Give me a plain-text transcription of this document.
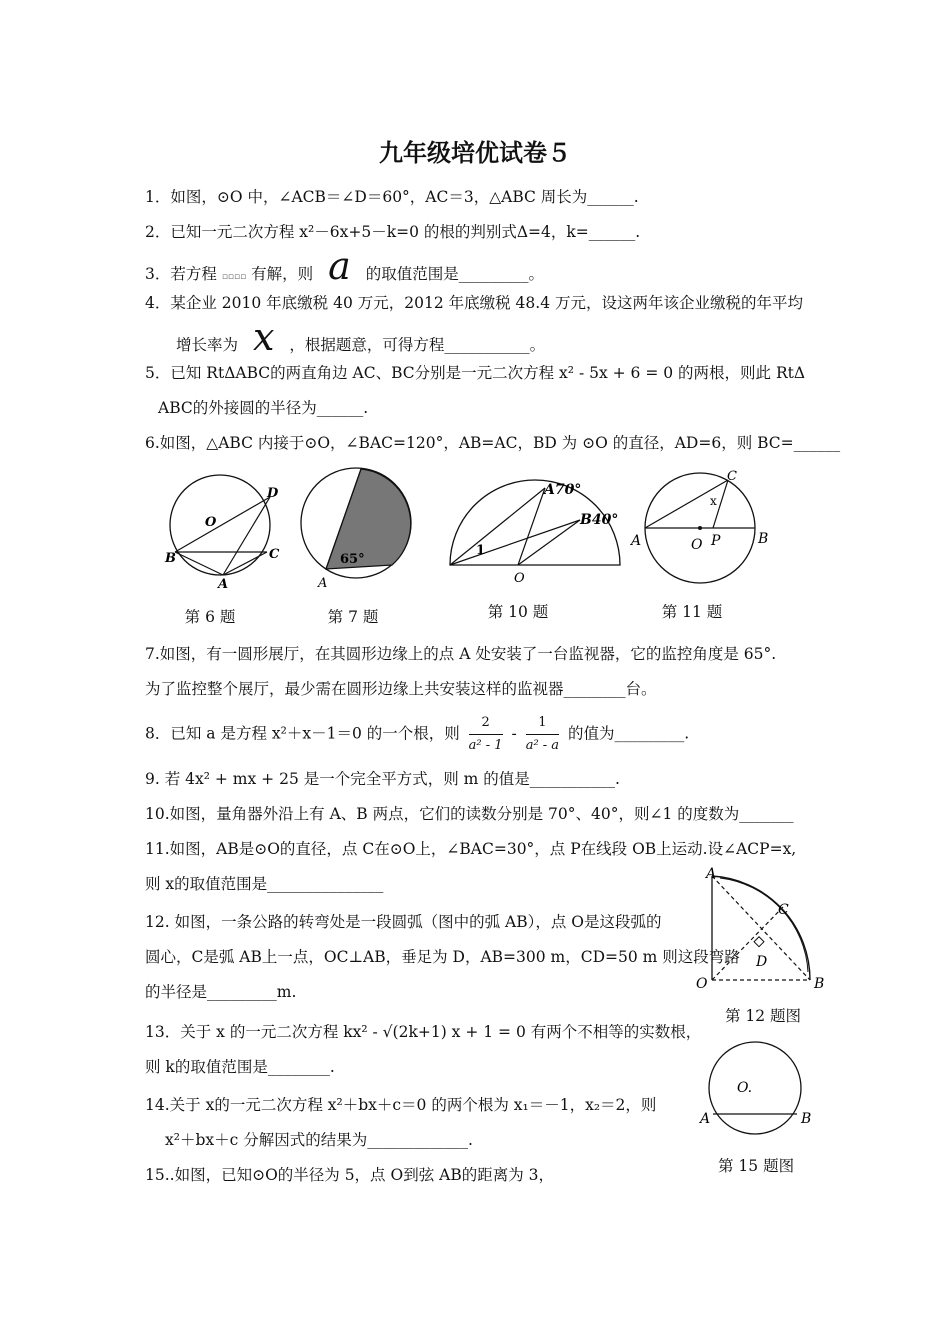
九年级培优试卷５
1．如图，⊙O 中，∠ACB＝∠D＝60°，AC＝3，△ABC 周长为______.
2．已知一元二次方程 x²－6x+5－k=0 的根的判别式Δ=4，k=______.
3．若方程 ▫▫▫▫ 有解，则 a 的取值范围是_________。
4．某企业 2010 年底缴税 40 万元，2012 年底缴税 48.4 万元，设这两年该企业缴税的年平均
增长率为 x ，根据题意，可得方程___________。
5．已知 RtΔABC的两直角边 AC、BC分别是一元二次方程 x² - 5x + 6 = 0 的两根，则此 RtΔ
ABC的外接圆的半径为______.
6.如图，△ABC 内接于⊙O，∠BAC=120°，AB=AC，BD 为 ⊙O 的直径，AD=6，则 BC=______
D
O
B	C
A
第 6 题
65°
A
第 7 题
A70°
B40°
1
O
第 10 题
C
x
A	O P	B
第 11 题
7.如图，有一圆形展厅，在其圆形边缘上的点 A 处安装了一台监视器，它的监控角度是 65°.
为了监控整个展厅，最少需在圆形边缘上共安装这样的监视器________台。
8．已知 a 是方程 x²＋x－1＝0 的一个根，则 $\frac{2}{\text{a² - 1}} - \frac{1}{\text{a² - a}}$ 的值为_________.
9. 若 4x² + mx + 25 是一个完全平方式，则 m 的值是___________.
10.如图，量角器外沿上有 A、B 两点，它们的读数分别是 70°、40°，则∠1 的度数为_______
11.如图，AB是⊙O的直径，点 C在⊙O上，∠BAC=30°，点 P在线段 OB上运动.设∠ACP=x,
则 x的取值范围是_______________
A
C
D
O	B
第 12 题图
12. 如图，一条公路的转弯处是一段圆弧（图中的弧 AB），点 O是这段弧的
圆心，C是弧 AB上一点，OC⊥AB，垂足为 D，AB=300 m，CD=50 m 则这段弯路
的半径是_________m.
13．关于 x 的一元二次方程 kx² - √(2k+1) x + 1 = 0 有两个不相等的实数根，
则 k的取值范围是________.
O.
A	B
第 15 题图
14.关于 x的一元二次方程 x²＋bx＋c＝0 的两个根为 x₁＝－1，x₂＝2，则
x²＋bx＋c 分解因式的结果为_____________.
15..如图，已知⊙O的半径为 5，点 O到弦 AB的距离为 3，
